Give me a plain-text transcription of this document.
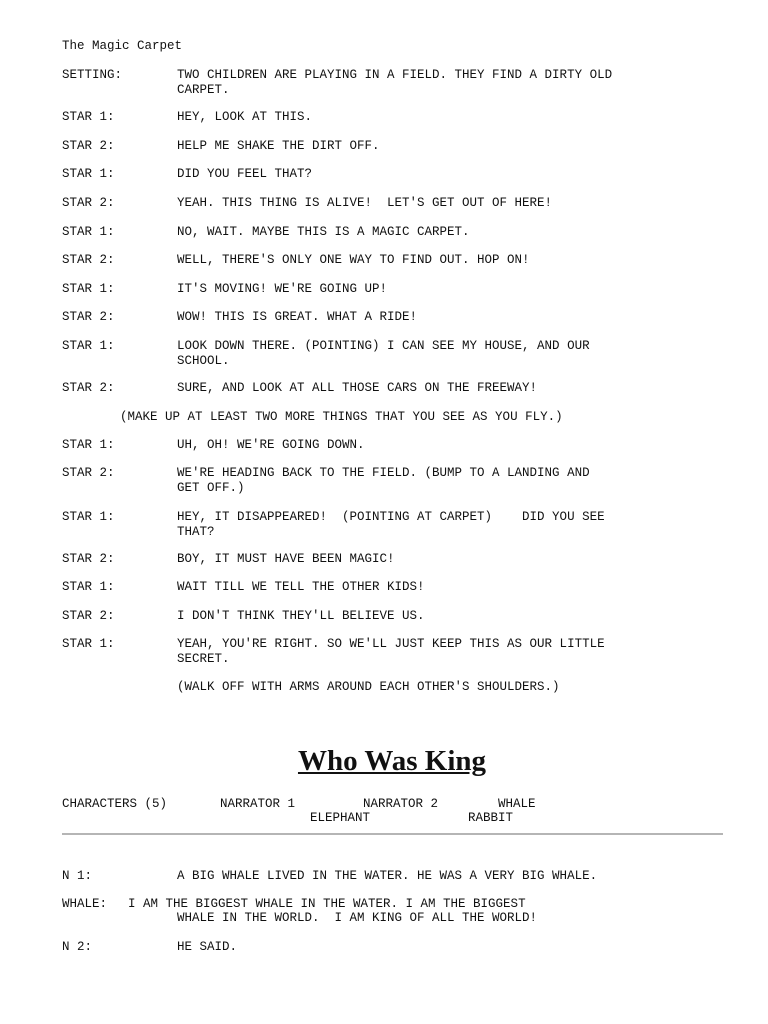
The Magic Carpet
SETTING:	TWO CHILDREN ARE PLAYING IN A FIELD. THEY FIND A DIRTY OLD
CARPET.
STAR 1:	HEY, LOOK AT THIS.
STAR 2:	HELP ME SHAKE THE DIRT OFF.
STAR 1:	DID YOU FEEL THAT?
STAR 2:	YEAH. THIS THING IS ALIVE!  LET'S GET OUT OF HERE!
STAR 1:	NO, WAIT. MAYBE THIS IS A MAGIC CARPET.
STAR 2:	WELL, THERE'S ONLY ONE WAY TO FIND OUT. HOP ON!
STAR 1:	IT'S MOVING! WE'RE GOING UP!
STAR 2:	WOW! THIS IS GREAT. WHAT A RIDE!
STAR 1:	LOOK DOWN THERE. (POINTING) I CAN SEE MY HOUSE, AND OUR
SCHOOL.
STAR 2:	SURE, AND LOOK AT ALL THOSE CARS ON THE FREEWAY!
(MAKE UP AT LEAST TWO MORE THINGS THAT YOU SEE AS YOU FLY.)
STAR 1:	UH, OH! WE'RE GOING DOWN.
STAR 2:	WE'RE HEADING BACK TO THE FIELD. (BUMP TO A LANDING AND
GET OFF.)
STAR 1:	HEY, IT DISAPPEARED!  (POINTING AT CARPET)    DID YOU SEE
THAT?
STAR 2:	BOY, IT MUST HAVE BEEN MAGIC!
STAR 1:	WAIT TILL WE TELL THE OTHER KIDS!
STAR 2:	I DON'T THINK THEY'LL BELIEVE US.
STAR 1:	YEAH, YOU'RE RIGHT. SO WE'LL JUST KEEP THIS AS OUR LITTLE
SECRET.
(WALK OFF WITH ARMS AROUND EACH OTHER'S SHOULDERS.)
Who Was King
CHARACTERS (5)	NARRATOR 1	NARRATOR 2	WHALE
ELEPHANT	RABBIT
N 1:	A BIG WHALE LIVED IN THE WATER. HE WAS A VERY BIG WHALE.
WHALE: I AM THE BIGGEST WHALE IN THE WATER. I AM THE BIGGEST
WHALE IN THE WORLD.  I AM KING OF ALL THE WORLD!
N 2:	HE SAID.
